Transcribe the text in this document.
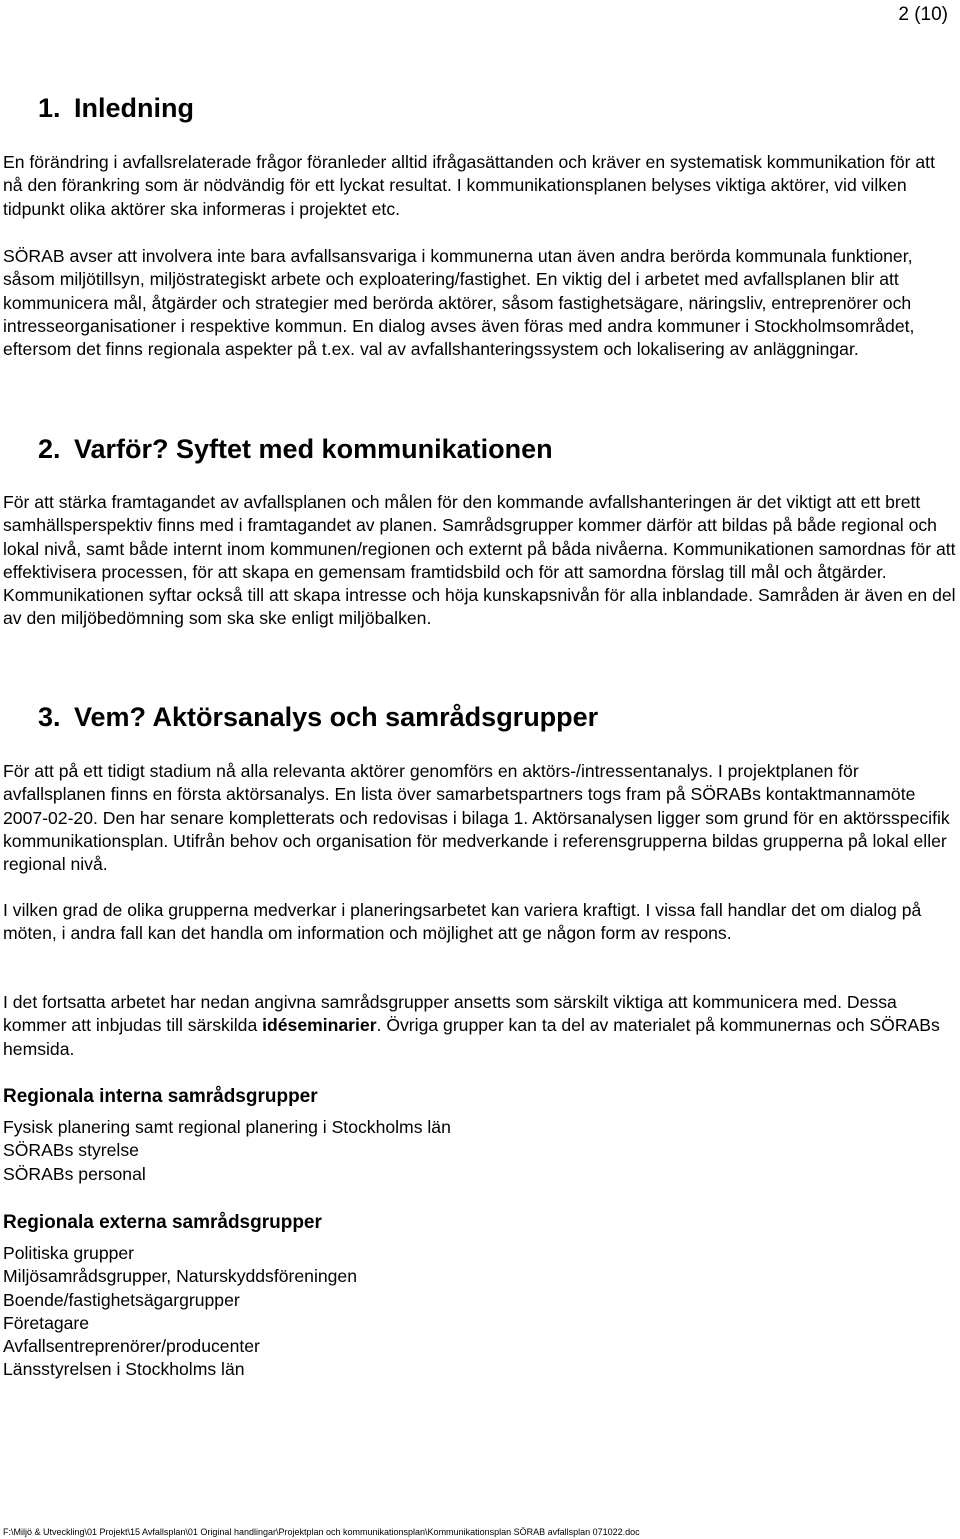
2 (10)
1. Inledning

En förändring i avfallsrelaterade frågor föranleder alltid ifrågasättanden och kräver en systematisk kommunikation för att nå den förankring som är nödvändig för ett lyckat resultat. I kommunikationsplanen belyses viktiga aktörer, vid vilken tidpunkt olika aktörer ska informeras i projektet etc.

SÖRAB avser att involvera inte bara avfallsansvariga i kommunerna utan även andra berörda kommunala funktioner, såsom miljötillsyn, miljöstrategiskt arbete och exploatering/fastighet. En viktig del i arbetet med avfallsplanen blir att kommunicera mål, åtgärder och strategier med berörda aktörer, såsom fastighetsägare, näringsliv, entreprenörer och intresseorganisationer i respektive kommun. En dialog avses även föras med andra kommuner i Stockholmsområdet, eftersom det finns regionala aspekter på t.ex. val av avfallshanteringssystem och lokalisering av anläggningar.

2. Varför? Syftet med kommunikationen

För att stärka framtagandet av avfallsplanen och målen för den kommande avfallshanteringen är det viktigt att ett brett samhällsperspektiv finns med i framtagandet av planen. Samrådsgrupper kommer därför att bildas på både regional och lokal nivå, samt både internt inom kommunen/regionen och externt på båda nivåerna. Kommunikationen samordnas för att effektivisera processen, för att skapa en gemensam framtidsbild och för att samordna förslag till mål och åtgärder. Kommunikationen syftar också till att skapa intresse och höja kunskapsnivån för alla inblandade. Samråden är även en del av den miljöbedömning som ska ske enligt miljöbalken.

3. Vem? Aktörsanalys och samrådsgrupper

För att på ett tidigt stadium nå alla relevanta aktörer genomförs en aktörs-/intressentanalys. I projektplanen för avfallsplanen finns en första aktörsanalys. En lista över samarbetspartners togs fram på SÖRABs kontaktmannamöte 2007-02-20. Den har senare kompletterats och redovisas i bilaga 1. Aktörsanalysen ligger som grund för en aktörsspecifik kommunikationsplan. Utifrån behov och organisation för medverkande i referensgrupperna bildas grupperna på lokal eller regional nivå.

I vilken grad de olika grupperna medverkar i planeringsarbetet kan variera kraftigt. I vissa fall handlar det om dialog på möten, i andra fall kan det handla om information och möjlighet att ge någon form av respons.

I det fortsatta arbetet har nedan angivna samrådsgrupper ansetts som särskilt viktiga att kommunicera med. Dessa kommer att inbjudas till särskilda idéseminarier. Övriga grupper kan ta del av materialet på kommunernas och SÖRABs hemsida.

Regionala interna samrådsgrupper
Fysisk planering samt regional planering i Stockholms län
SÖRABs styrelse
SÖRABs personal
Regionala externa samrådsgrupper
Politiska grupper
Miljösamrådsgrupper, Naturskyddsföreningen
Boende/fastighetsägargrupper
Företagare
Avfallsentreprenörer/producenter
Länsstyrelsen i Stockholms län
F:\Miljö & Utveckling\01 Projekt\15 Avfallsplan\01 Original handlingar\Projektplan och kommunikationsplan\Kommunikationsplan SÖRAB avfallsplan 071022.doc
